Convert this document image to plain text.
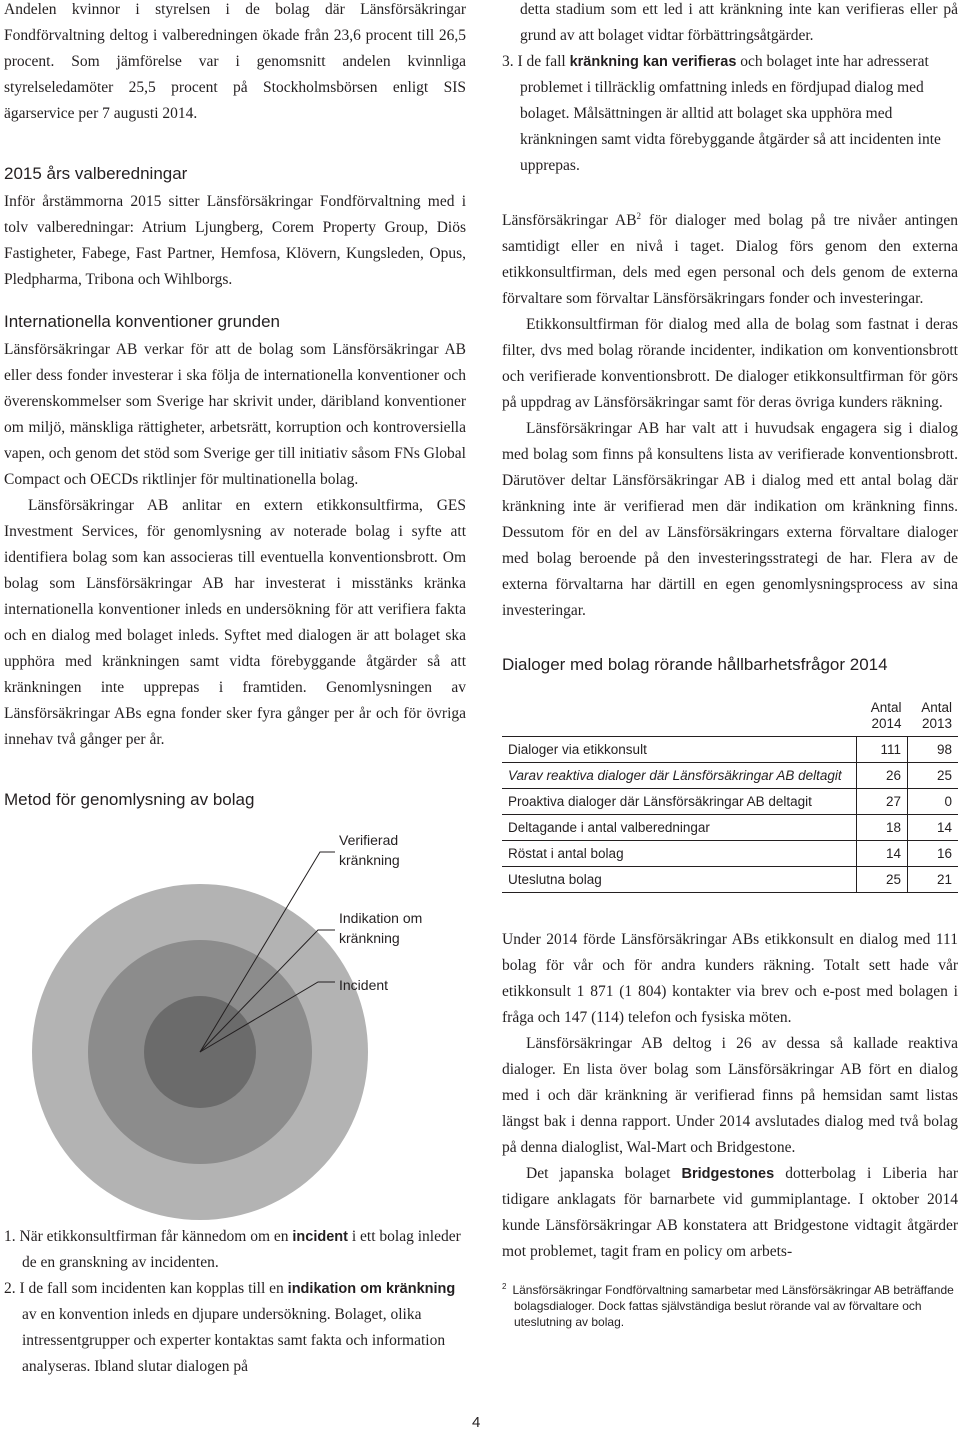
Andelen kvinnor i styrelsen i de bolag där Länsförsäkringar Fondförvaltning deltog i valberedningen ökade från 23,6 procent till 26,5 procent. Som jämförelse var i genomsnitt andelen kvinnliga styrelseledamöter 25,5 procent på Stockholmsbörsen enligt SIS ägarservice per 7 augusti 2014.

2015 års valberedningar

Inför årstämmorna 2015 sitter Länsförsäkringar Fondförvaltning med i tolv valberedningar: Atrium Ljungberg, Corem Property Group, Diös Fastigheter, Fabege, Fast Partner, Hemfosa, Klövern, Kungsleden, Opus, Pledpharma, Tribona och Wihlborgs.

Internationella konventioner grunden

Länsförsäkringar AB verkar för att de bolag som Länsförsäkringar AB eller dess fonder investerar i ska följa de internationella konventioner och överenskommelser som Sverige har skrivit under, däribland konventioner om miljö, mänskliga rättigheter, arbetsrätt, korruption och kontroversiella vapen, och genom det stöd som Sverige ger till initiativ såsom FNs Global Compact och OECDs riktlinjer för multinationella bolag.

Länsförsäkringar AB anlitar en extern etikkonsultfirma, GES Investment Services, för genomlysning av noterade bolag i syfte att identifiera bolag som kan associeras till eventuella konventionsbrott. Om bolag som Länsförsäkringar AB har investerat i misstänks kränka internationella konventioner inleds en undersökning för att verifiera fakta och en dialog med bolaget inleds. Syftet med dialogen är att bolaget ska upphöra med kränkningen samt vidta förebyggande åtgärder så att kränkningen inte upprepas i framtiden. Genomlysningen av Länsförsäkringar ABs egna fonder sker fyra gånger per år och för övriga innehav två gånger per år.

Metod för genomlysning av bolag
Verifierad kränkning
Indikation om kränkning
Incident
1. När etikkonsultfirman får kännedom om en incident i ett bolag inleder de en granskning av incidenten.
2. I de fall som incidenten kan kopplas till en indikation om kränkning av en konvention inleds en djupare undersökning. Bolaget, olika intressentgrupper och experter kontaktas samt fakta och information analyseras. Ibland slutar dialogen på

detta stadium som ett led i att kränkning inte kan verifieras eller på grund av att bolaget vidtar förbättringsåtgärder.

3. I de fall kränkning kan verifieras och bolaget inte har adresserat problemet i tillräcklig omfattning inleds en fördjupad dialog med bolaget. Målsättningen är alltid att bolaget ska upphöra med kränkningen samt vidta förebyggande åtgärder så att incidenten inte upprepas.

Länsförsäkringar $AB^2$ för dialoger med bolag på tre nivåer antingen samtidigt eller en nivå i taget. Dialog förs genom den externa etikkonsultfirman, dels med egen personal och dels genom de externa förvaltare som förvaltar Länsförsäkringars fonder och investeringar.

Etikkonsultfirman för dialog med alla de bolag som fastnat i deras filter, dvs med bolag rörande incidenter, indikation om konventionsbrott och verifierade konventionsbrott. De dialoger etikkonsultfirman för görs på uppdrag av Länsförsäkringar samt för deras övriga kunders räkning.

Länsförsäkringar AB har valt att i huvudsak engagera sig i dialog med bolag som finns på konsultens lista av verifierade konventionsbrott. Därutöver deltar Länsförsäkringar AB i dialog med ett antal bolag där kränkning inte är verifierad men där indikation om kränkning finns. Dessutom för en del av Länsförsäkringars externa förvaltare dialoger med bolag beroende på den investeringsstrategi de har. Flera av de externa förvaltarna har därtill en egen genomlysningsprocess av sina investeringar.

Dialoger med bolag rörande hållbarhetsfrågor 2014
	Antal 2014	Antal 2013
Dialoger via etikkonsult	111	98
Varav reaktiva dialoger där Länsförsäkringar AB deltagit	26	25
Proaktiva dialoger där Länsförsäkringar AB deltagit	27	0
Deltagande i antal valberedningar	18	14
Röstat i antal bolag	14	16
Uteslutna bolag	25	21

Under 2014 förde Länsförsäkringar ABs etikkonsult en dialog med 111 bolag för vår och för andra kunders räkning. Totalt sett hade vår etikkonsult 1 871 (1 804) kontakter via brev och e-post med bolagen i fråga och 147 (114) telefon och fysiska möten.

Länsförsäkringar AB deltog i 26 av dessa så kallade reaktiva dialoger. En lista över bolag som Länsförsäkringar AB fört en dialog med i och där kränkning är verifierad finns på hemsidan samt listas längst bak i denna rapport. Under 2014 avslutades dialog med två bolag på denna dialoglist, Wal-Mart och Bridgestone.

Det japanska bolaget Bridgestones dotterbolag i Liberia har tidigare anklagats för barnarbete vid gummiplantage. I oktober 2014 kunde Länsförsäkringar AB konstatera att Bridgestone vidtagit åtgärder mot problemet, tagit fram en policy om arbets-

$^2$ Länsförsäkringar Fondförvaltning samarbetar med Länsförsäkringar AB beträffande bolagsdialoger. Dock fattas självständiga beslut rörande val av förvaltare och uteslutning av bolag.
4
